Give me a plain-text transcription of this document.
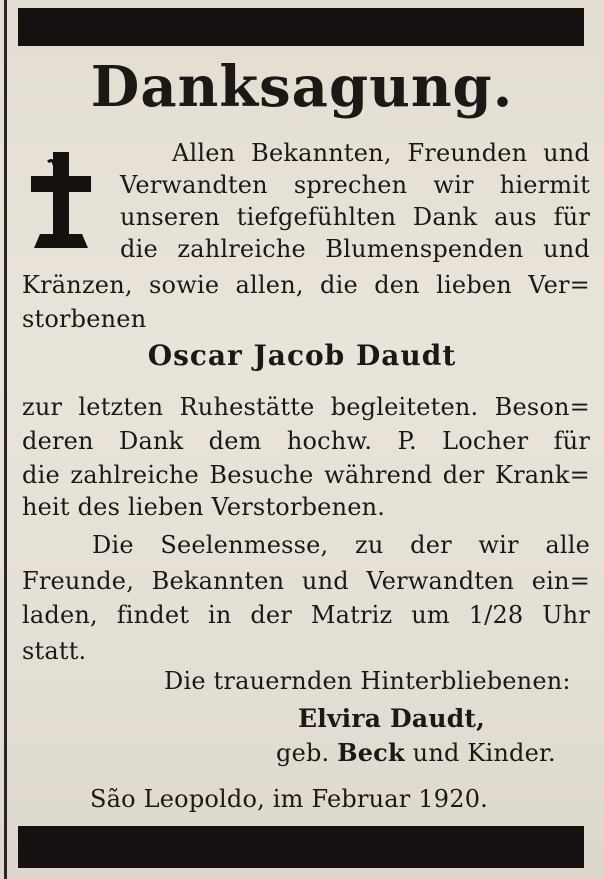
Danksagung.
Allen Bekannten, Freunden und
Verwandten sprechen wir hiermit
unseren tiefgefühlten Dank aus für
die zahlreiche Blumenspenden und
Kränzen, sowie allen, die den lieben Ver=
storbenen
Oscar Jacob Daudt
zur letzten Ruhestätte begleiteten. Beson=
deren Dank dem hochw. P. Locher für
die zahlreiche Besuche während der Krank=
heit des lieben Verstorbenen.
Die Seelenmesse, zu der wir alle
Freunde, Bekannten und Verwandten ein=
laden, findet in der Matriz um 1/28 Uhr
statt.
Die trauernden Hinterbliebenen:
Elvira Daudt,
geb. Beck und Kinder.
São Leopoldo, im Februar 1920.
